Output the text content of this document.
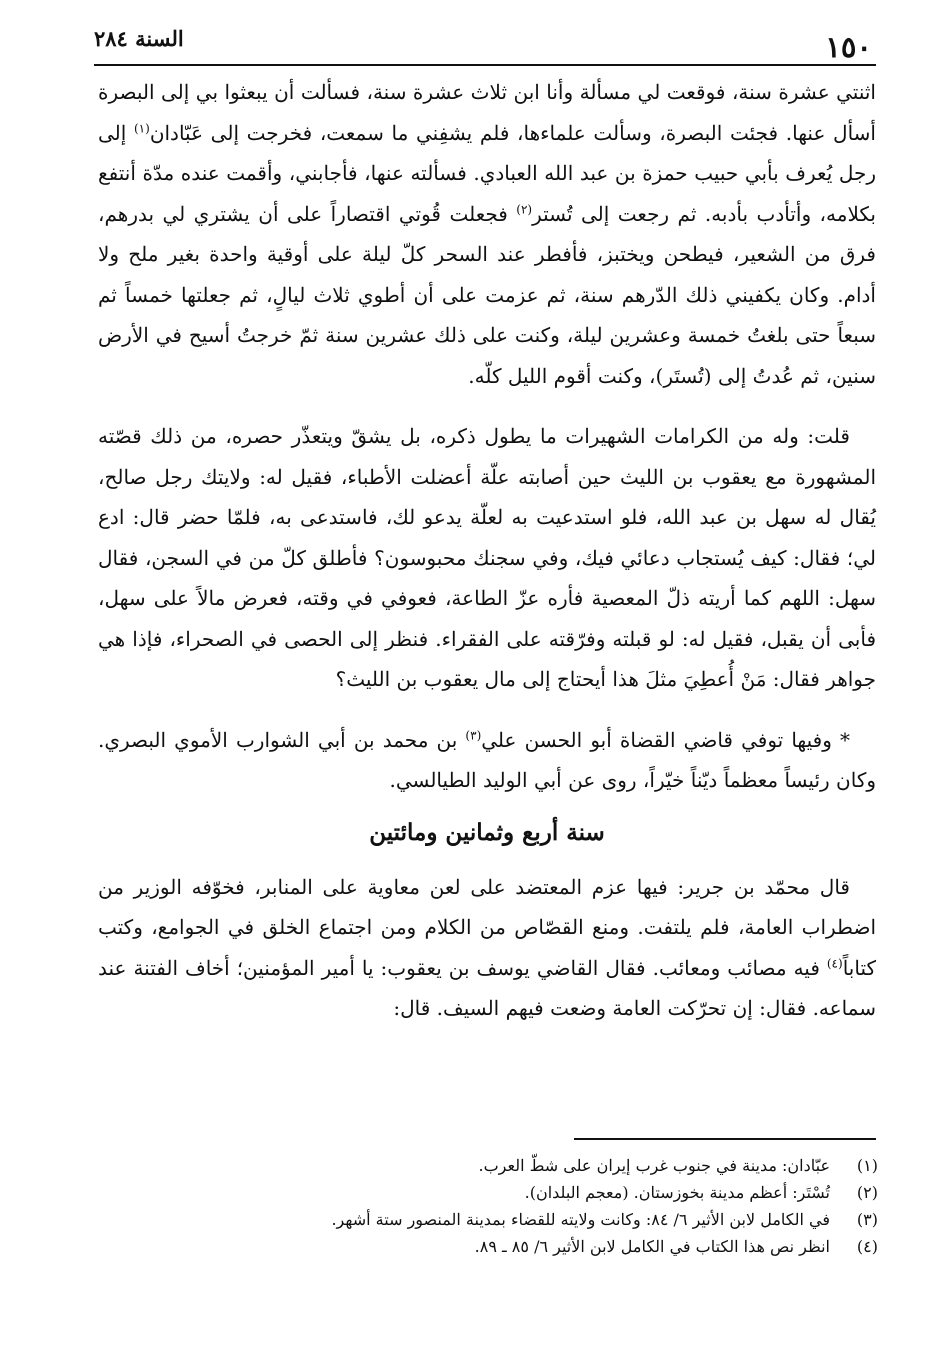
١٥٠
السنة ٢٨٤

اثنتي عشرة سنة، فوقعت لي مسألة وأنا ابن ثلاث عشرة سنة، فسألت أن يبعثوا بي إلى البصرة أسأل عنها. فجئت البصرة، وسألت علماءها، فلم يشفِني ما سمعت، فخرجت إلى عَبّادان$^{(١)}$ إلى رجل يُعرف بأبي حبيب حمزة بن عبد الله العبادي. فسألته عنها، فأجابني، وأقمت عنده مدّة أنتفع بكلامه، وأتأدب بأدبه. ثم رجعت إلى تُستر$^{(٢)}$ فجعلت قُوتي اقتصاراً على أن يشتري لي بدرهم، فرق من الشعير، فيطحن ويختبز، فأفطر عند السحر كلّ ليلة على أوقية واحدة بغير ملح ولا أدام. وكان يكفيني ذلك الدّرهم سنة، ثم عزمت على أن أطوي ثلاث ليالٍ، ثم جعلتها خمساً ثم سبعاً حتى بلغتُ خمسة وعشرين ليلة، وكنت على ذلك عشرين سنة ثمّ خرجتُ أسيح في الأرض سنين، ثم عُدتُ إلى (تُستَر)، وكنت أقوم الليل كلّه.

قلت: وله من الكرامات الشهيرات ما يطول ذكره، بل يشقّ ويتعذّر حصره، من ذلك قصّته المشهورة مع يعقوب بن الليث حين أصابته علّة أعضلت الأطباء، فقيل له: ولايتك رجل صالح، يُقال له سهل بن عبد الله، فلو استدعيت به لعلّة يدعو لك، فاستدعى به، فلمّا حضر قال: ادع لي؛ فقال: كيف يُستجاب دعائي فيك، وفي سجنك محبوسون؟ فأطلق كلّ من في السجن، فقال سهل: اللهم كما أريته ذلّ المعصية فأره عزّ الطاعة، فعوفي في وقته، فعرض مالاً على سهل، فأبى أن يقبل، فقيل له: لو قبلته وفرّقته على الفقراء. فنظر إلى الحصى في الصحراء، فإذا هي جواهر فقال: مَنْ أُعطِيَ مثلَ هذا أيحتاج إلى مال يعقوب بن الليث؟

* وفيها توفي قاضي القضاة أبو الحسن علي$^{(٣)}$ بن محمد بن أبي الشوارب الأموي البصري. وكان رئيساً معظماً ديّناً خيّراً، روى عن أبي الوليد الطيالسي.

سنة أربع وثمانين ومائتين

قال محمّد بن جرير: فيها عزم المعتضد على لعن معاوية على المنابر، فخوّفه الوزير من اضطراب العامة، فلم يلتفت. ومنع القصّاص من الكلام ومن اجتماع الخلق في الجوامع، وكتب كتاباً$^{(٤)}$ فيه مصائب ومعائب. فقال القاضي يوسف بن يعقوب: يا أمير المؤمنين؛ أخاف الفتنة عند سماعه. فقال: إن تحرّكت العامة وضعت فيهم السيف. قال:

(١)
عبّادان: مدينة في جنوب غرب إيران على شطّ العرب.
(٢)
تُسْتَر: أعظم مدينة بخوزستان. (معجم البلدان).
(٣)
في الكامل لابن الأثير ٦/ ٨٤: وكانت ولايته للقضاء بمدينة المنصور ستة أشهر.
(٤)
انظر نص هذا الكتاب في الكامل لابن الأثير ٦/ ٨٥ ـ ٨٩.
